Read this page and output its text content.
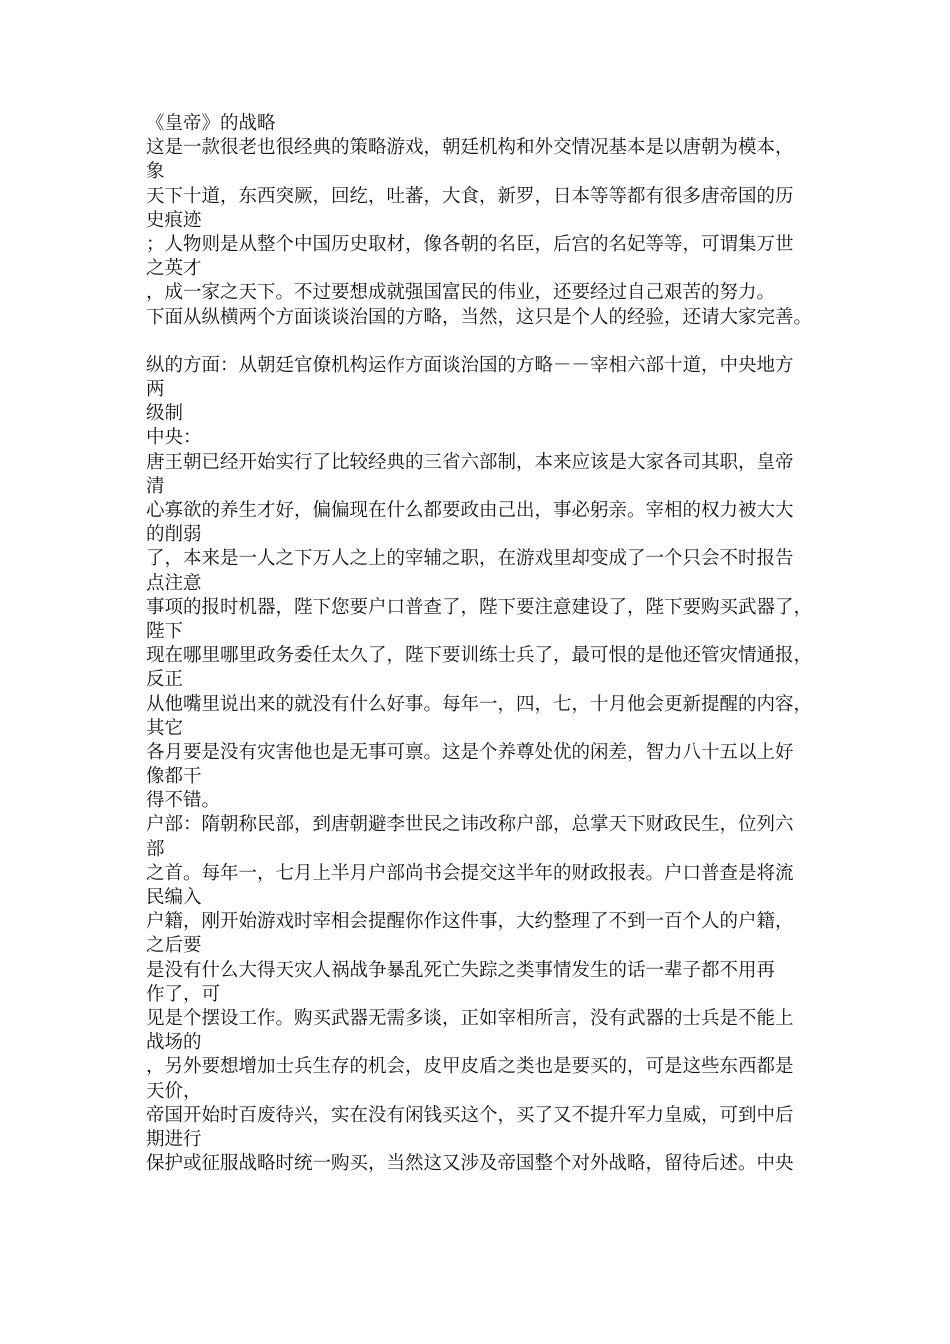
《皇帝》的战略
这是一款很老也很经典的策略游戏，朝廷机构和外交情况基本是以唐朝为模本，
象
天下十道，东西突厥，回纥，吐蕃，大食，新罗，日本等等都有很多唐帝国的历
史痕迹
；人物则是从整个中国历史取材，像各朝的名臣，后宫的名妃等等，可谓集万世
之英才
，成一家之天下。不过要想成就强国富民的伟业，还要经过自己艰苦的努力。
下面从纵横两个方面谈谈治国的方略，当然，这只是个人的经验，还请大家完善。
纵的方面：从朝廷官僚机构运作方面谈治国的方略－－宰相六部十道，中央地方
两
级制
中央：
唐王朝已经开始实行了比较经典的三省六部制，本来应该是大家各司其职，皇帝
清
心寡欲的养生才好，偏偏现在什么都要政由己出，事必躬亲。宰相的权力被大大
的削弱
了，本来是一人之下万人之上的宰辅之职，在游戏里却变成了一个只会不时报告
点注意
事项的报时机器，陛下您要户口普查了，陛下要注意建设了，陛下要购买武器了，
陛下
现在哪里哪里政务委任太久了，陛下要训练士兵了，最可恨的是他还管灾情通报，
反正
从他嘴里说出来的就没有什么好事。每年一，四，七，十月他会更新提醒的内容，
其它
各月要是没有灾害他也是无事可禀。这是个养尊处优的闲差，智力八十五以上好
像都干
得不错。
户部：隋朝称民部，到唐朝避李世民之讳改称户部，总掌天下财政民生，位列六
部
之首。每年一，七月上半月户部尚书会提交这半年的财政报表。户口普查是将流
民编入
户籍，刚开始游戏时宰相会提醒你作这件事，大约整理了不到一百个人的户籍，
之后要
是没有什么大得天灾人祸战争暴乱死亡失踪之类事情发生的话一辈子都不用再
作了，可
见是个摆设工作。购买武器无需多谈，正如宰相所言，没有武器的士兵是不能上
战场的
，另外要想增加士兵生存的机会，皮甲皮盾之类也是要买的，可是这些东西都是
天价，
帝国开始时百废待兴，实在没有闲钱买这个，买了又不提升军力皇威，可到中后
期进行
保护或征服战略时统一购买，当然这又涉及帝国整个对外战略，留待后述。中央
